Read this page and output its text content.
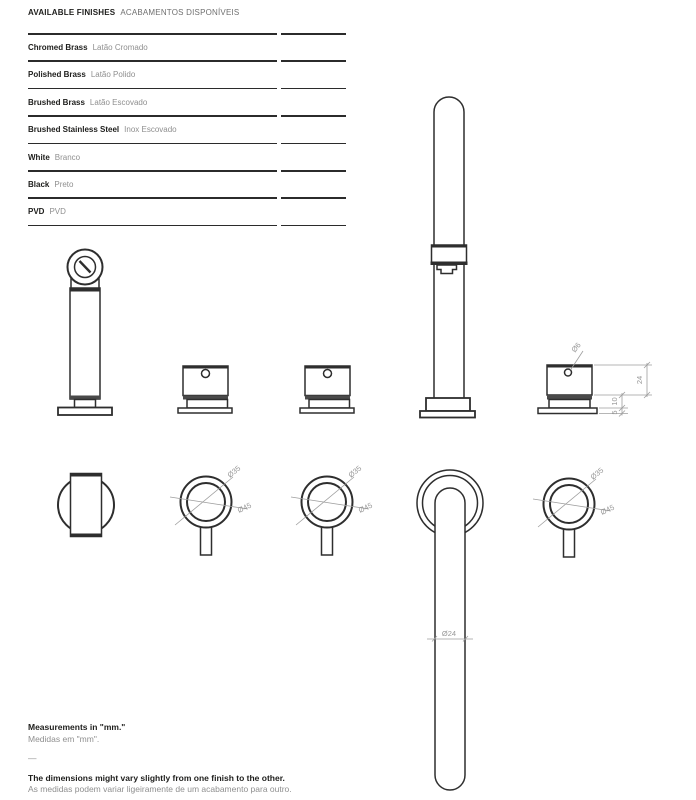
AVAILABLE FINISHES ACABAMENTOS DISPONÍVEIS
Chromed Brass Latão Cromado
Polished Brass Latão Polido
Brushed Brass Latão Escovado
Brushed Stainless Steel Inox Escovado
White Branco
Black Preto
PVD PVD
Ø6
24
10
5
Ø35
Ø45
Ø35
Ø45
Ø24
Ø35
Ø45
Measurements in "mm."
Medidas em "mm".
—
The dimensions might vary slightly from one finish to the other.
As medidas podem variar ligeiramente de um acabamento para outro.
